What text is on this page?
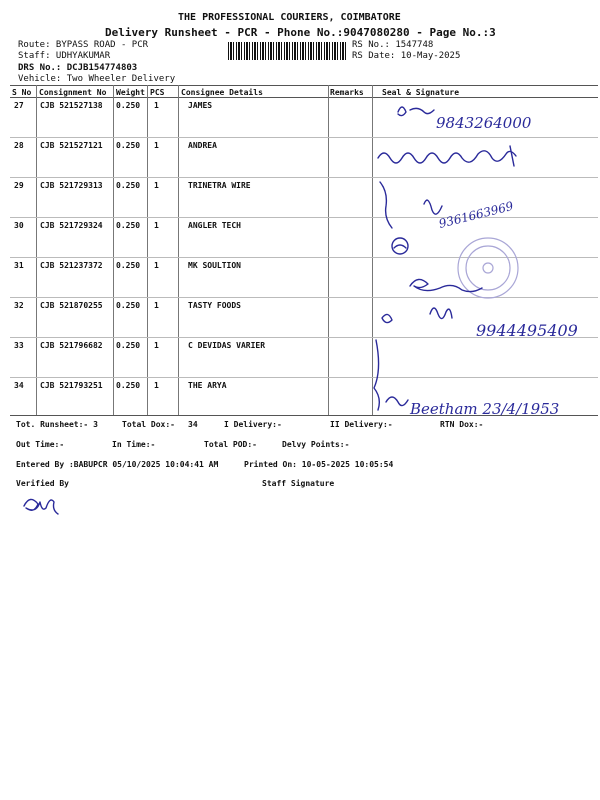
THE PROFESSIONAL COURIERS, COIMBATORE
Delivery Runsheet - PCR - Phone No.:9047080280 - Page No.:3
Route: BYPASS ROAD - PCR
Staff: UDHYAKUMAR
DRS No.: DCJB154774803
Vehicle: Two Wheeler Delivery
RS No.: 1547748
RS Date: 10-May-2025
S No Consignment No Weight PCS Consignee Details	Remarks Seal & Signature
27 CJB 521527138 0.250 1	JAMES
28 CJB 521527121 0.250 1	ANDREA
29 CJB 521729313 0.250 1	TRINETRA WIRE
30 CJB 521729324 0.250 1	ANGLER TECH
31 CJB 521237372 0.250 1	MK SOULTION
32 CJB 521870255 0.250 1	TASTY FOODS
33 CJB 521796682 0.250 1	C DEVIDAS VARIER
34 CJB 521793251 0.250 1	THE ARYA
9843264000
9361663969
9944495409
Beetham 23/4/1953
Tot. Runsheet:- 3	Total Dox:- 34	I Delivery:-	II Delivery:-	RTN Dox:-
Out Time:-	In Time:-	Total POD:-	Delvy Points:-
Entered By :BABUPCR 05/10/2025 10:04:41 AM	Printed On: 10-05-2025 10:05:54
Verified By	Staff Signature
